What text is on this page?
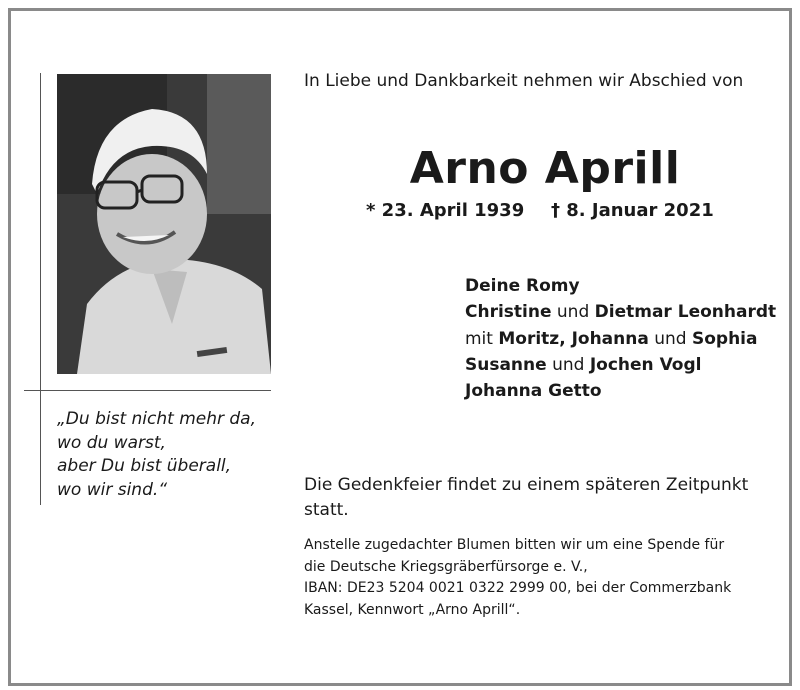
„Du bist nicht mehr da,
wo du warst,
aber Du bist überall,
wo wir sind.“
In Liebe und Dankbarkeit nehmen wir Abschied von
Arno Aprill
* 23. April 1939 † 8. Januar 2021
Deine Romy
Christine und Dietmar Leonhardt
mit Moritz, Johanna und Sophia
Susanne und Jochen Vogl
Johanna Getto
Die Gedenkfeier findet zu einem späteren Zeitpunkt
statt.
Anstelle zugedachter Blumen bitten wir um eine Spende für
die Deutsche Kriegsgräberfürsorge e. V.,
IBAN: DE23 5204 0021 0322 2999 00, bei der Commerzbank
Kassel, Kennwort „Arno Aprill“.
